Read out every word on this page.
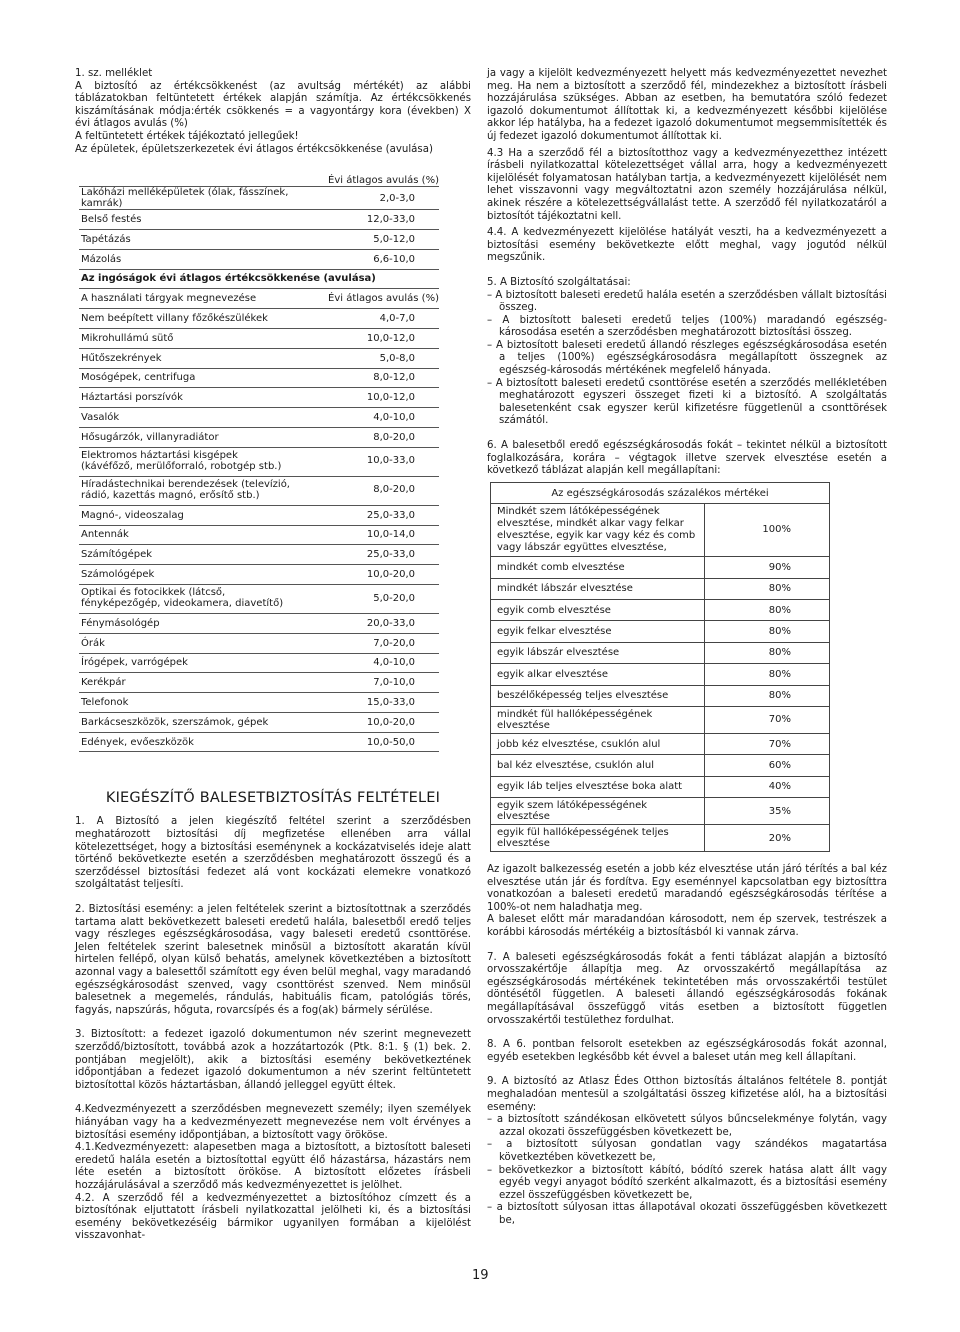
1. sz. melléklet

A biztosító az értékcsökkenést (az avultság mértékét) az alábbi táblázatokban feltüntetett értékek alapján számítja. Az értékcsökkenés kiszámításának módja:érték csökkenés = a vagyontárgy kora (években) X évi átlagos avulás (%)

A feltüntetett értékek tájékoztató jellegűek!

Az épületek, épületszerkezetek évi átlagos értékcsökkenése (avulása)

	Évi átlagos avulás (%)
Lakóházi melléképületek (ólak, fásszínek, kamrák)	2,0-3,0
Belső festés	12,0-33,0
Tapétázás	5,0-12,0
Mázolás	6,6-10,0
Az ingóságok évi átlagos értékcsökkenése (avulása)	
A használati tárgyak megnevezése	Évi átlagos avulás (%)
Nem beépített villany főzőkészülékek	4,0-7,0
Mikrohullámú sütő	10,0-12,0
Hűtőszekrények	5,0-8,0
Mosógépek, centrifuga	8,0-12,0
Háztartási porszívók	10,0-12,0
Vasalók	4,0-10,0
Hősugárzók, villanyradiátor	8,0-20,0
Elektromos háztartási kisgépek (kávéfőző, merülőforraló, robotgép stb.)	10,0-33,0
Híradástechnikai berendezések (televízió, rádió, kazettás magnó, erősítő stb.)	8,0-20,0
Magnó-, videoszalag	25,0-33,0
Antennák	10,0-14,0
Számítógépek	25,0-33,0
Számológépek	10,0-20,0
Optikai és fotocikkek (látcső, fényképezőgép, videokamera, diavetítő)	5,0-20,0
Fénymásológép	20,0-33,0
Órák	7,0-20,0
Írógépek, varrógépek	4,0-10,0
Kerékpár	7,0-10,0
Telefonok	15,0-33,0
Barkácseszközök, szerszámok, gépek	10,0-20,0
Edények, evőeszközök	10,0-50,0
KIEGÉSZÍTŐ BALESETBIZTOSÍTÁS FELTÉTELEI

1. A Biztosító a jelen kiegészítő feltétel szerint a szerződésben meghatározott biztosítási díj megfizetése ellenében arra vállal kötelezettséget, hogy a biztosítási eseménynek a kockázatviselés ideje alatt történő bekövetkezte esetén a szerződésben meghatározott összegű és a szerződéssel biztosítási fedezet alá vont kockázati elemekre vonatkozó szolgáltatást teljesíti.

2. Biztosítási esemény: a jelen feltételek szerint a biztosítottnak a szerződés tartama alatt bekövetkezett baleseti eredetű halála, balesetből eredő teljes vagy részleges egészségkárosodása, vagy baleseti eredetű csonttörése. Jelen feltételek szerint balesetnek minősül a biztosított akaratán kívül hirtelen fellépő, olyan külső behatás, amelynek következtében a biztosított azonnal vagy a balesettől számított egy éven belül meghal, vagy maradandó egészségkárosodást szenved, vagy csonttörést szenved. Nem minősül balesetnek a megemelés, rándulás, habituális ficam, patológiás törés, fagyás, napszúrás, hőguta, rovarcsípés és a fog(ak) bármely sérülése.

3. Biztosított: a fedezet igazoló dokumentumon név szerint megnevezett szerződő/biztosított, továbbá azok a hozzátartozók (Ptk. 8:1. § (1) bek. 2. pontjában megjelölt), akik a biztosítási esemény bekövetkeztének időpontjában a fedezet igazoló dokumentumon a név szerint feltüntetett biztosítottal közös háztartásban, állandó jelleggel együtt éltek.

4.Kedvezményezett a szerződésben megnevezett személy; ilyen személyek hiányában vagy ha a kedvezményezett megnevezése nem volt érvényes a biztosítási esemény időpontjában, a biztosított vagy örököse.

4.1.Kedvezményezett: alapesetben maga a biztosított, a biztosított baleseti eredetű halála esetén a biztosítottal együtt élő házastársa, házastárs nem léte esetén a biztosított örököse. A biztosított előzetes írásbeli hozzájárulásával a szerződő más kedvezményezettet is jelölhet.

4.2. A szerződő fél a kedvezményezettet a biztosítóhoz címzett és a biztosítónak eljuttatott írásbeli nyilatkozattal jelölheti ki, és a biztosítási esemény bekövetkezéséig bármikor ugyanilyen formában a kijelölést visszavonhat-

ja vagy a kijelölt kedvezményezett helyett más kedvezményezettet nevezhet meg. Ha nem a biztosított a szerződő fél, mindezekhez a biztosított írásbeli hozzájárulása szükséges. Abban az esetben, ha bemutatóra szóló fedezet igazoló dokumentumot állítottak ki, a kedvezményezett későbbi kijelölése akkor lép hatályba, ha a fedezet igazoló dokumentumot megsemmisítették és új fedezet igazoló dokumentumot állítottak ki.

4.3 Ha a szerződő fél a biztosítotthoz vagy a kedvezményezetthez intézett írásbeli nyilatkozattal kötelezettséget vállal arra, hogy a kedvezményezett kijelölését folyamatosan hatályban tartja, a kedvezményezett kijelölését nem lehet visszavonni vagy megváltoztatni azon személy hozzájárulása nélkül, akinek részére a kötelezettségvállalást tette. A szerződő fél nyilatkozatáról a biztosítót tájékoztatni kell.

4.4. A kedvezményezett kijelölése hatályát veszti, ha a kedvezményezett a biztosítási esemény bekövetkezte előtt meghal, vagy jogutód nélkül megszűnik.

5. A Biztosító szolgáltatásai:

– A biztosított baleseti eredetű halála esetén a szerződésben vállalt biztosítási összeg.

– A biztosított baleseti eredetű teljes (100%) maradandó egészség-károsodása esetén a szerződésben meghatározott biztosítási összeg.

– A biztosított baleseti eredetű állandó részleges egészségkárosodása esetén a teljes (100%) egészségkárosodásra megállapított összegnek az egészség-károsodás mértékének megfelelő hányada.

– A biztosított baleseti eredetű csonttörése esetén a szerződés mellékletében meghatározott egyszeri összeget fizeti ki a biztosító. A szolgáltatás balesetenként csak egyszer kerül kifizetésre függetlenül a csonttörések számától.

6. A balesetből eredő egészségkárosodás fokát – tekintet nélkül a biztosított foglalkozására, korára – végtagok illetve szervek elvesztése esetén a következő táblázat alapján kell megállapítani:

Az egészségkárosodás százalékos mértékei	
Mindkét szem látóképességének elvesztése, mindkét alkar vagy felkar elvesztése, egyik kar vagy kéz és comb vagy lábszár együttes elvesztése,	100%
mindkét comb elvesztése	90%
mindkét lábszár elvesztése	80%
egyik comb elvesztése	80%
egyik felkar elvesztése	80%
egyik lábszár elvesztése	80%
egyik alkar elvesztése	80%
beszélőképesség teljes elvesztése	80%
mindkét fül hallóképességének elvesztése	70%
jobb kéz elvesztése, csuklón alul	70%
bal kéz elvesztése, csuklón alul	60%
egyik láb teljes elvesztése boka alatt	40%
egyik szem látóképességének elvesztése	35%
egyik fül hallóképességének teljes elvesztése	20%

Az igazolt balkezesség esetén a jobb kéz elvesztése után járó térítés a bal kéz elvesztése után jár és fordítva. Egy eseménnyel kapcsolatban egy biztosíttra vonatkozóan a baleseti eredetű maradandó egészségkárosodás térítése a 100%-ot nem haladhatja meg.

A baleset előtt már maradandóan károsodott, nem ép szervek, testrészek a korábbi károsodás mértékéig a biztosításból ki vannak zárva.

7. A baleseti egészségkárosodás fokát a fenti táblázat alapján a biztosító orvosszakértője állapítja meg. Az orvosszakértő megállapítása az egészségkárosodás mértékének tekintetében más orvosszakértői testület döntésétől független. A baleseti állandó egészségkárosodás fokának megállapításával összefüggő vitás esetben a biztosított független orvosszakértői testülethez fordulhat.

8. A 6. pontban felsorolt esetekben az egészségkárosodás fokát azonnal, egyéb esetekben legkésőbb két évvel a baleset után meg kell állapítani.

9. A biztosító az Atlasz Édes Otthon biztosítás általános feltétele 8. pontját meghaladóan mentesül a szolgáltatási összeg kifizetése alól, ha a biztosítási esemény:

– a biztosított szándékosan elkövetett súlyos bűncselekménye folytán, vagy azzal okozati összefüggésben következett be,

– a biztosított súlyosan gondatlan vagy szándékos magatartása következtében következett be,

– bekövetkezkor a biztosított kábító, bódító szerek hatása alatt állt vagy egyéb vegyi anyagot bódító szerként alkalmazott, és a biztosítási esemény ezzel összefüggésben következett be,

– a biztosított súlyosan ittas állapotával okozati összefüggésben következett be,

19
